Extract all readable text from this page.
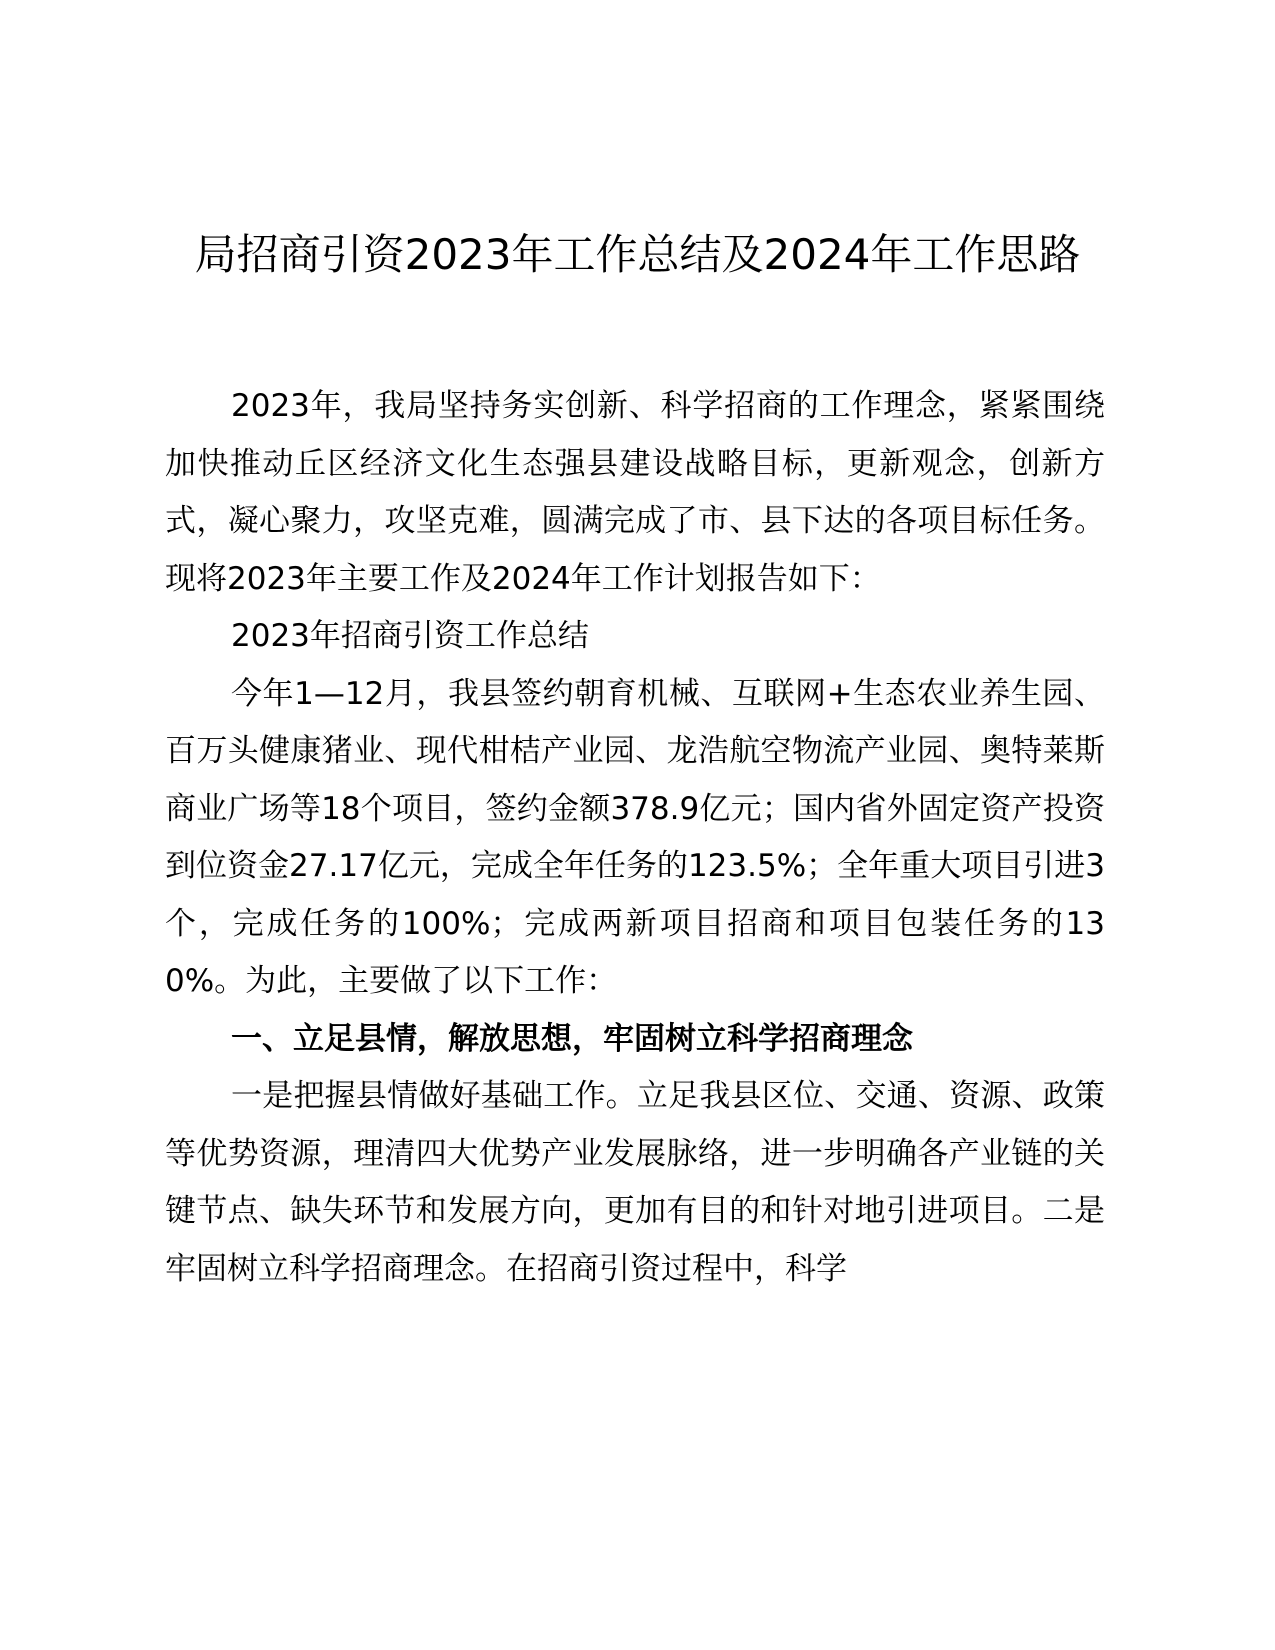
局招商引资2023年工作总结及2024年工作思路

2023年，我局坚持务实创新、科学招商的工作理念，紧紧围绕加快推动丘区经济文化生态强县建设战略目标，更新观念，创新方式，凝心聚力，攻坚克难，圆满完成了市、县下达的各项目标任务。现将2023年主要工作及2024年工作计划报告如下：

2023年招商引资工作总结

今年1—12月，我县签约朝育机械、互联网+生态农业养生园、百万头健康猪业、现代柑桔产业园、龙浩航空物流产业园、奥特莱斯商业广场等18个项目，签约金额378.9亿元；国内省外固定资产投资到位资金27.17亿元，完成全年任务的123.5%；全年重大项目引进3个，完成任务的100%；完成两新项目招商和项目包装任务的130%。为此，主要做了以下工作：

一、立足县情，解放思想，牢固树立科学招商理念

一是把握县情做好基础工作。立足我县区位、交通、资源、政策等优势资源，理清四大优势产业发展脉络，进一步明确各产业链的关键节点、缺失环节和发展方向，更加有目的和针对地引进项目。二是牢固树立科学招商理念。在招商引资过程中，科学
